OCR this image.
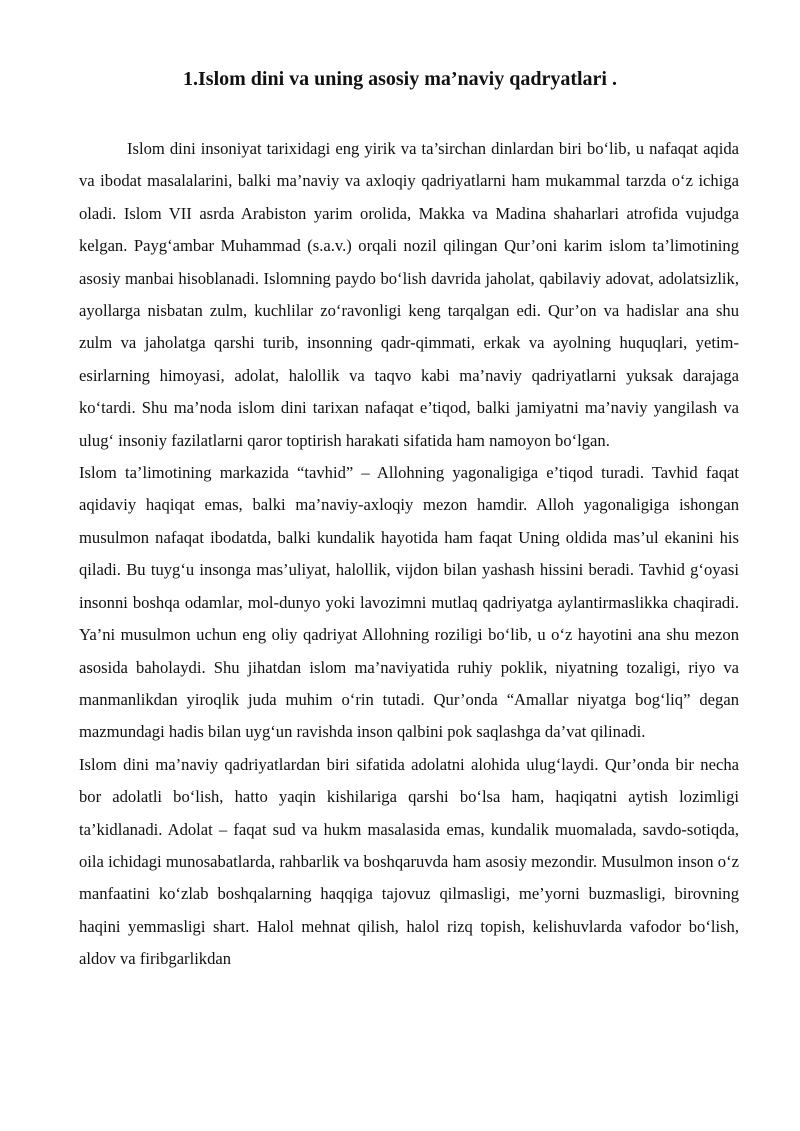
1.Islom dini va uning asosiy ma’naviy qadryatlari .

Islom dini insoniyat tarixidagi eng yirik va ta’sirchan dinlardan biri bo‘lib, u nafaqat aqida va ibodat masalalarini, balki ma’naviy va axloqiy qadriyatlarni ham mukammal tarzda o‘z ichiga oladi. Islom VII asrda Arabiston yarim orolida, Makka va Madina shaharlari atrofida vujudga kelgan. Payg‘ambar Muhammad (s.a.v.) orqali nozil qilingan Qur’oni karim islom ta’limotining asosiy manbai hisoblanadi. Islomning paydo bo‘lish davrida jaholat, qabilaviy adovat, adolatsizlik, ayollarga nisbatan zulm, kuchlilar zo‘ravonligi keng tarqalgan edi. Qur’on va hadislar ana shu zulm va jaholatga qarshi turib, insonning qadr-qimmati, erkak va ayolning huquqlari, yetim-esirlarning himoyasi, adolat, halollik va taqvo kabi ma’naviy qadriyatlarni yuksak darajaga ko‘tardi. Shu ma’noda islom dini tarixan nafaqat e’tiqod, balki jamiyatni ma’naviy yangilash va ulug‘ insoniy fazilatlarni qaror toptirish harakati sifatida ham namoyon bo‘lgan.

Islom ta’limotining markazida “tavhid” – Allohning yagonaligiga e’tiqod turadi. Tavhid faqat aqidaviy haqiqat emas, balki ma’naviy-axloqiy mezon hamdir. Alloh yagonaligiga ishongan musulmon nafaqat ibodatda, balki kundalik hayotida ham faqat Uning oldida mas’ul ekanini his qiladi. Bu tuyg‘u insonga mas’uliyat, halollik, vijdon bilan yashash hissini beradi. Tavhid g‘oyasi insonni boshqa odamlar, mol-dunyo yoki lavozimni mutlaq qadriyatga aylantirmaslikka chaqiradi. Ya’ni musulmon uchun eng oliy qadriyat Allohning roziligi bo‘lib, u o‘z hayotini ana shu mezon asosida baholaydi. Shu jihatdan islom ma’naviyatida ruhiy poklik, niyatning tozaligi, riyo va manmanlikdan yiroqlik juda muhim o‘rin tutadi. Qur’onda “Amallar niyatga bog‘liq” degan mazmundagi hadis bilan uyg‘un ravishda inson qalbini pok saqlashga da’vat qilinadi.

Islom dini ma’naviy qadriyatlardan biri sifatida adolatni alohida ulug‘laydi. Qur’onda bir necha bor adolatli bo‘lish, hatto yaqin kishilariga qarshi bo‘lsa ham, haqiqatni aytish lozimligi ta’kidlanadi. Adolat – faqat sud va hukm masalasida emas, kundalik muomalada, savdo-sotiqda, oila ichidagi munosabatlarda, rahbarlik va boshqaruvda ham asosiy mezondir. Musulmon inson o‘z manfaatini ko‘zlab boshqalarning haqqiga tajovuz qilmasligi, me’yorni buzmasligi, birovning haqini yemmasligi shart. Halol mehnat qilish, halol rizq topish, kelishuvlarda vafodor bo‘lish, aldov va firibgarlikdan
